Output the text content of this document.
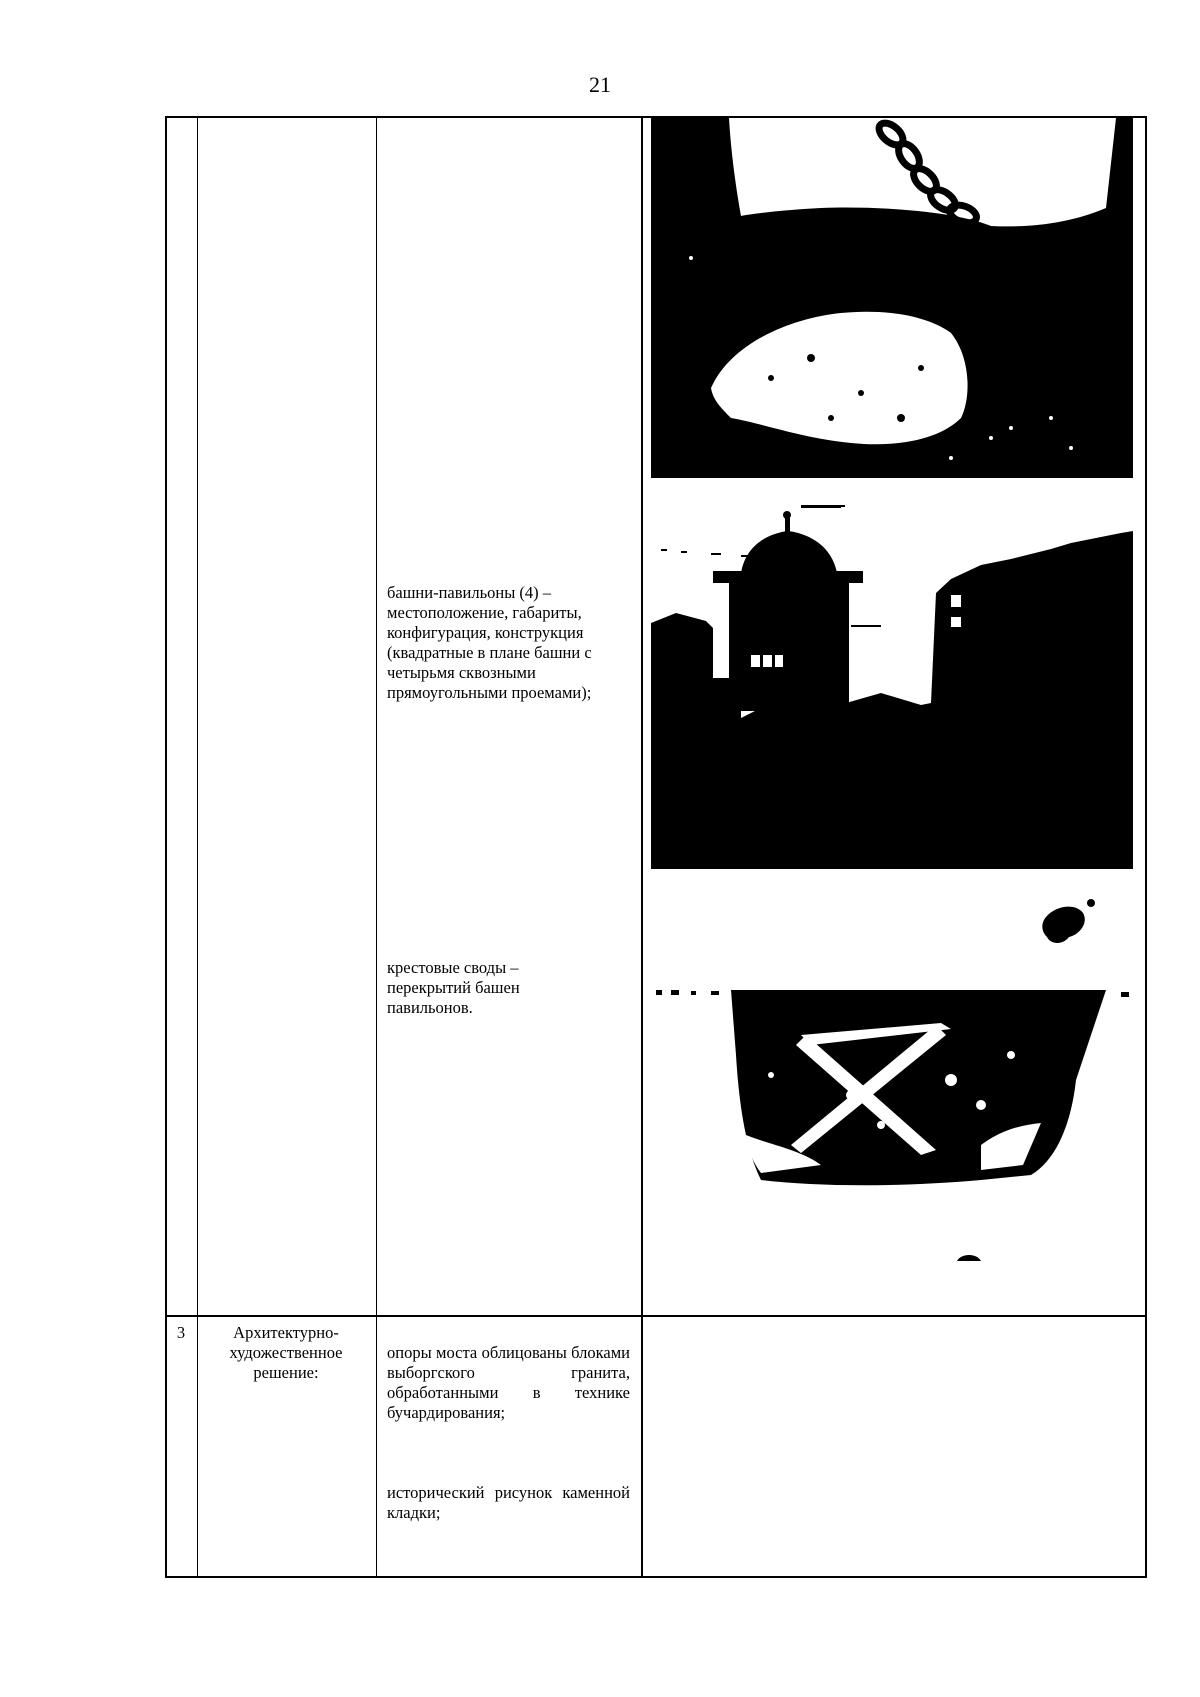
21
башни-павильоны (4) – местоположение, габариты, конфигурация, конструкция (квадратные в плане башни с четырьмя сквозными прямоугольными проемами);
крестовые своды – перекрытий башен павильонов.
3	Архитектурно-художественное решение:
опоры моста облицованы блоками выборгского гранита, обработанными в технике бучардирования;
исторический рисунок каменной кладки;
